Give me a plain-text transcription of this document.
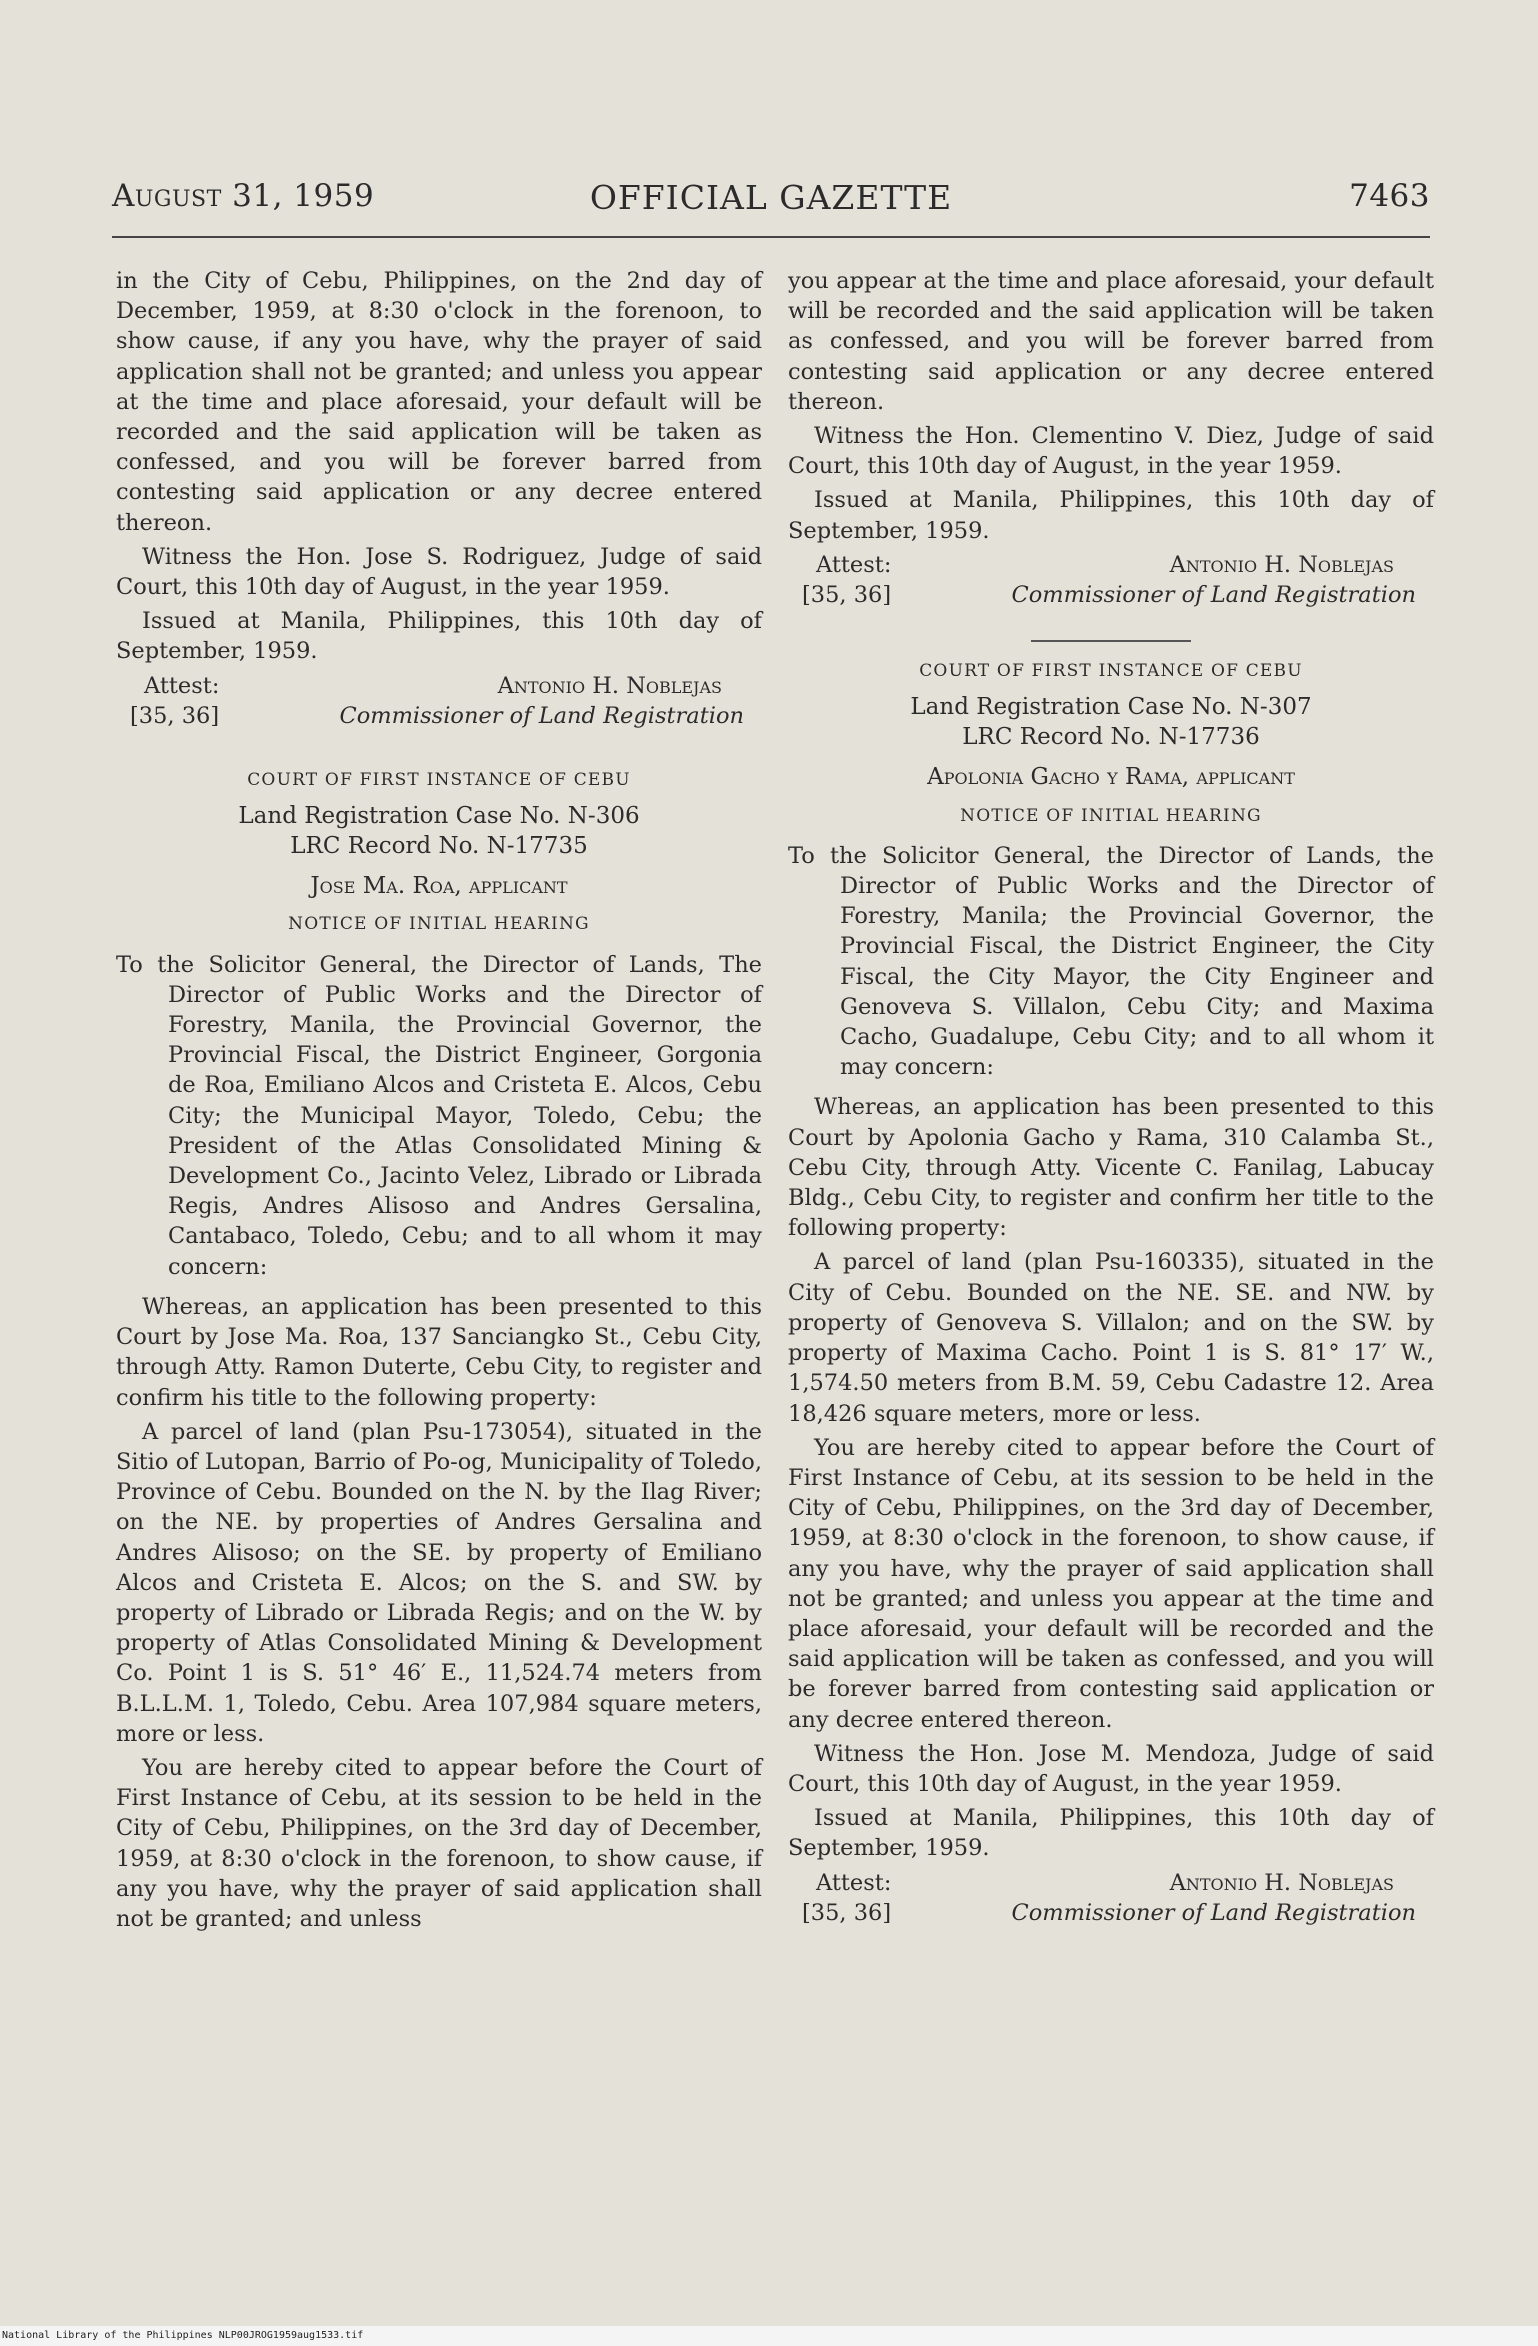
August 31, 1959	OFFICIAL GAZETTE	7463

in the City of Cebu, Philippines, on the 2nd day of December, 1959, at 8:30 o'clock in the forenoon, to show cause, if any you have, why the prayer of said application shall not be granted; and unless you appear at the time and place aforesaid, your default will be recorded and the said application will be taken as confessed, and you will be forever barred from contesting said application or any decree entered thereon.

Witness the Hon. Jose S. Rodriguez, Judge of said Court, this 10th day of August, in the year 1959.

Issued at Manila, Philippines, this 10th day of September, 1959.

Attest:	Antonio H. Noblejas
[35, 36]	Commissioner of Land Registration

COURT OF FIRST INSTANCE OF CEBU

Land Registration Case No. N-306

LRC Record No. N-17735

Jose Ma. Roa, applicant

NOTICE OF INITIAL HEARING

To the Solicitor General, the Director of Lands, The Director of Public Works and the Director of Forestry, Manila, the Provincial Governor, the Provincial Fiscal, the District Engineer, Gorgonia de Roa, Emiliano Alcos and Cristeta E. Alcos, Cebu City; the Municipal Mayor, Toledo, Cebu; the President of the Atlas Consolidated Mining & Development Co., Jacinto Velez, Librado or Librada Regis, Andres Alisoso and Andres Gersalina, Cantabaco, Toledo, Cebu; and to all whom it may concern:

Whereas, an application has been presented to this Court by Jose Ma. Roa, 137 Sanciangko St., Cebu City, through Atty. Ramon Duterte, Cebu City, to register and confirm his title to the following property:

A parcel of land (plan Psu-173054), situated in the Sitio of Lutopan, Barrio of Po-og, Municipality of Toledo, Province of Cebu. Bounded on the N. by the Ilag River; on the NE. by properties of Andres Gersalina and Andres Alisoso; on the SE. by property of Emiliano Alcos and Cristeta E. Alcos; on the S. and SW. by property of Librado or Librada Regis; and on the W. by property of Atlas Consolidated Mining & Development Co. Point 1 is S. 51° 46′ E., 11,524.74 meters from B.L.L.M. 1, Toledo, Cebu. Area 107,984 square meters, more or less.

You are hereby cited to appear before the Court of First Instance of Cebu, at its session to be held in the City of Cebu, Philippines, on the 3rd day of December, 1959, at 8:30 o'clock in the forenoon, to show cause, if any you have, why the prayer of said application shall not be granted; and unless

you appear at the time and place aforesaid, your default will be recorded and the said application will be taken as confessed, and you will be forever barred from contesting said application or any decree entered thereon.

Witness the Hon. Clementino V. Diez, Judge of said Court, this 10th day of August, in the year 1959.

Issued at Manila, Philippines, this 10th day of September, 1959.

Attest:	Antonio H. Noblejas
[35, 36]	Commissioner of Land Registration

COURT OF FIRST INSTANCE OF CEBU

Land Registration Case No. N-307

LRC Record No. N-17736

Apolonia Gacho y Rama, applicant

NOTICE OF INITIAL HEARING

To the Solicitor General, the Director of Lands, the Director of Public Works and the Director of Forestry, Manila; the Provincial Governor, the Provincial Fiscal, the District Engineer, the City Fiscal, the City Mayor, the City Engineer and Genoveva S. Villalon, Cebu City; and Maxima Cacho, Guadalupe, Cebu City; and to all whom it may concern:

Whereas, an application has been presented to this Court by Apolonia Gacho y Rama, 310 Calamba St., Cebu City, through Atty. Vicente C. Fanilag, Labucay Bldg., Cebu City, to register and confirm her title to the following property:

A parcel of land (plan Psu-160335), situated in the City of Cebu. Bounded on the NE. SE. and NW. by property of Genoveva S. Villalon; and on the SW. by property of Maxima Cacho. Point 1 is S. 81° 17′ W., 1,574.50 meters from B.M. 59, Cebu Cadastre 12. Area 18,426 square meters, more or less.

You are hereby cited to appear before the Court of First Instance of Cebu, at its session to be held in the City of Cebu, Philippines, on the 3rd day of December, 1959, at 8:30 o'clock in the forenoon, to show cause, if any you have, why the prayer of said application shall not be granted; and unless you appear at the time and place aforesaid, your default will be recorded and the said application will be taken as confessed, and you will be forever barred from contesting said application or any decree entered thereon.

Witness the Hon. Jose M. Mendoza, Judge of said Court, this 10th day of August, in the year 1959.

Issued at Manila, Philippines, this 10th day of September, 1959.

Attest:	Antonio H. Noblejas
[35, 36]	Commissioner of Land Registration
National Library of the Philippines NLP00JROG1959aug1533.tif
